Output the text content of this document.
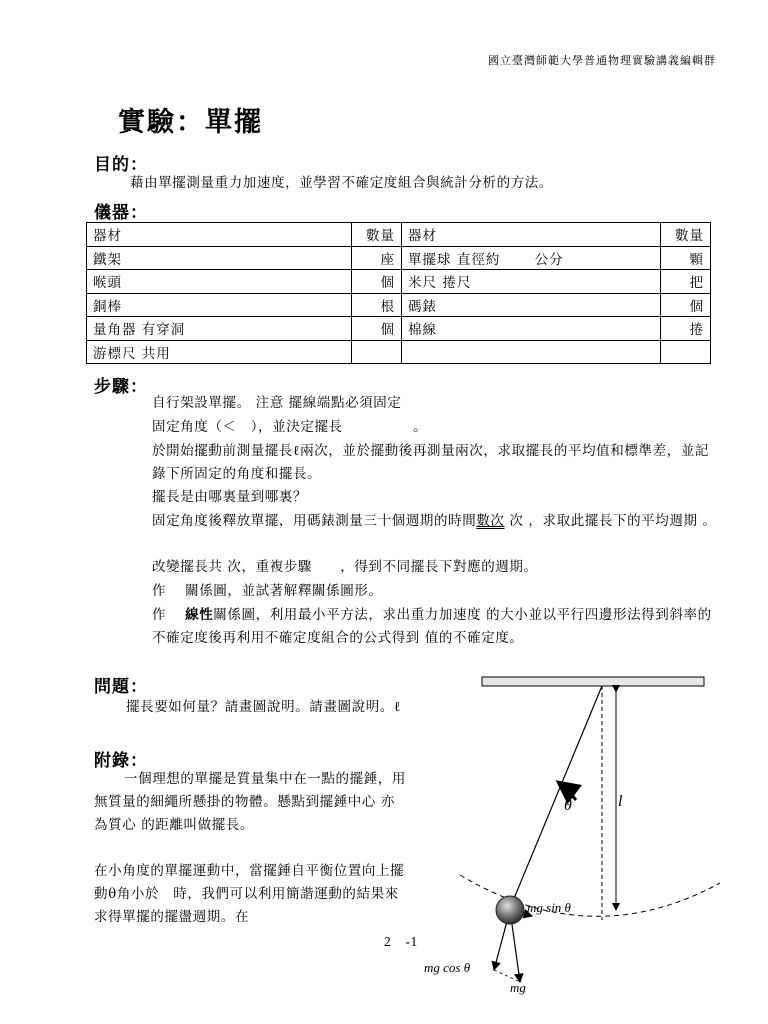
國立臺灣師範大學普通物理實驗講義編輯群
實驗：單擺
目的：
藉由單擺測量重力加速度，並學習不確定度組合與統計分析的方法。
儀器：
器材	數量	器材	數量
鐵架	座	單擺球 直徑約 　　公分	顆
喉頭	個	米尺 捲尺	把
銅棒	根	碼錶	個
量角器 有穿洞	個	棉線	捲
游標尺 共用			
步驟：
自行架設單擺。 注意 擺線端點必須固定
固定角度（＜　），並決定擺長　　　　　。
於開始擺動前測量擺長ℓ兩次，並於擺動後再測量兩次，求取擺長的平均值和標準差，並記錄下所固定的角度和擺長。
擺長是由哪裏量到哪裏？
固定角度後釋放單擺，用碼錶測量三十個週期的時間數次 次 ，求取此擺長下的平均週期 。
改變擺長共 次，重複步驟　　，得到不同擺長下對應的週期。
作　 關係圖，並試著解釋關係圖形。
作　 線性關係圖，利用最小平方法，求出重力加速度 的大小並以平行四邊形法得到斜率的不確定度後再利用不確定度組合的公式得到 值的不確定度。
問題：
擺長要如何量？請畫圖說明。請畫圖說明。ℓ
附錄：
一個理想的單擺是質量集中在一點的擺錘，用無質量的細繩所懸掛的物體。懸點到擺錘中心 亦為質心 的距離叫做擺長。
在小角度的單擺運動中，當擺錘自平衡位置向上擺動θ角小於　時，我們可以利用簡諧運動的結果來求得單擺的擺盪週期。在
2　-1
θ	l
mg sin θ
mg cos θ
mg
